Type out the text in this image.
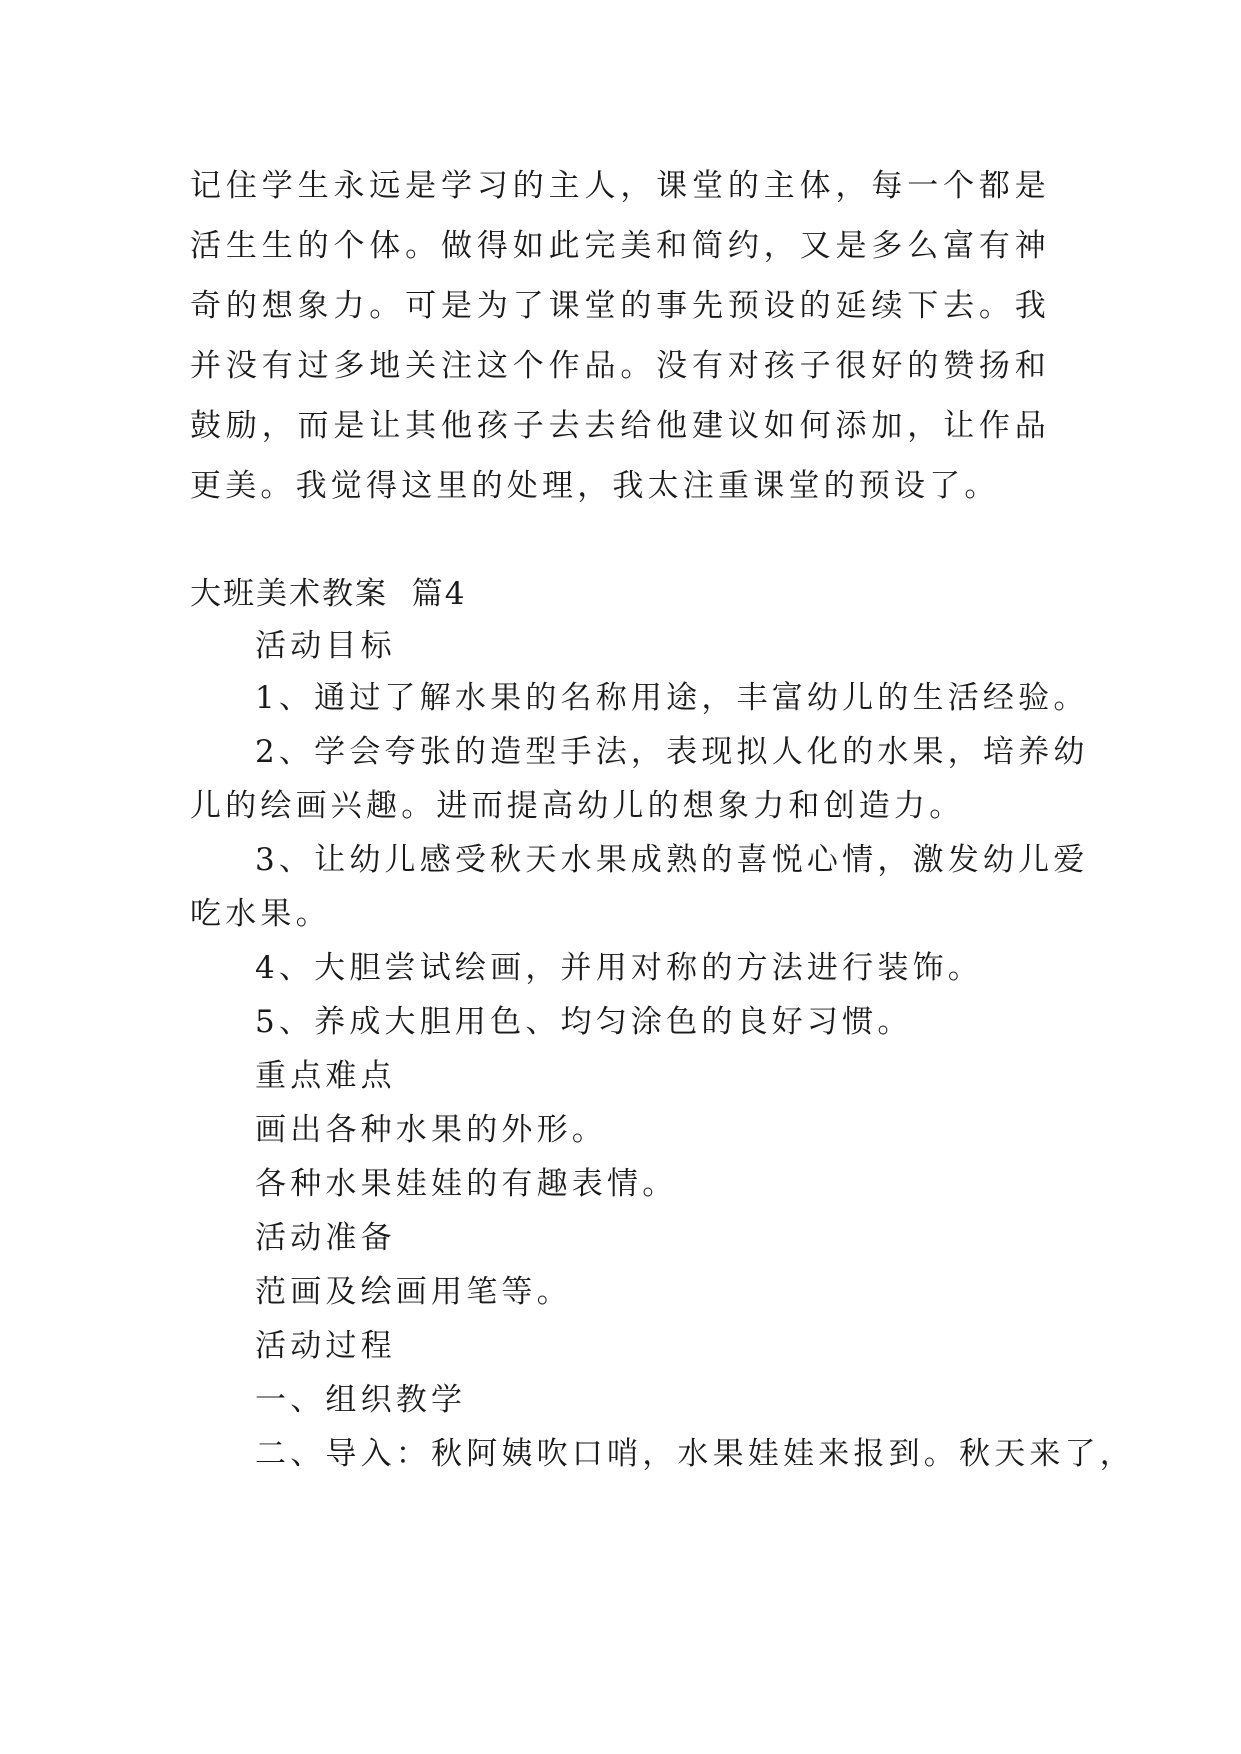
记住学生永远是学习的主人，课堂的主体，每一个都是活生生的个体。做得如此完美和简约，又是多么富有神奇的想象力。可是为了课堂的事先预设的延续下去。我并没有过多地关注这个作品。没有对孩子很好的赞扬和鼓励，而是让其他孩子去去给他建议如何添加，让作品更美。我觉得这里的处理，我太注重课堂的预设了。

大班美术教案  篇4

活动目标

1、通过了解水果的名称用途，丰富幼儿的生活经验。

2、学会夸张的造型手法，表现拟人化的水果，培养幼

儿的绘画兴趣。进而提高幼儿的想象力和创造力。

3、让幼儿感受秋天水果成熟的喜悦心情，激发幼儿爱

吃水果。

4、大胆尝试绘画，并用对称的方法进行装饰。

5、养成大胆用色、均匀涂色的良好习惯。

重点难点

画出各种水果的外形。

各种水果娃娃的有趣表情。

活动准备

范画及绘画用笔等。

活动过程

一、组织教学

二、导入：秋阿姨吹口哨，水果娃娃来报到。秋天来了，
